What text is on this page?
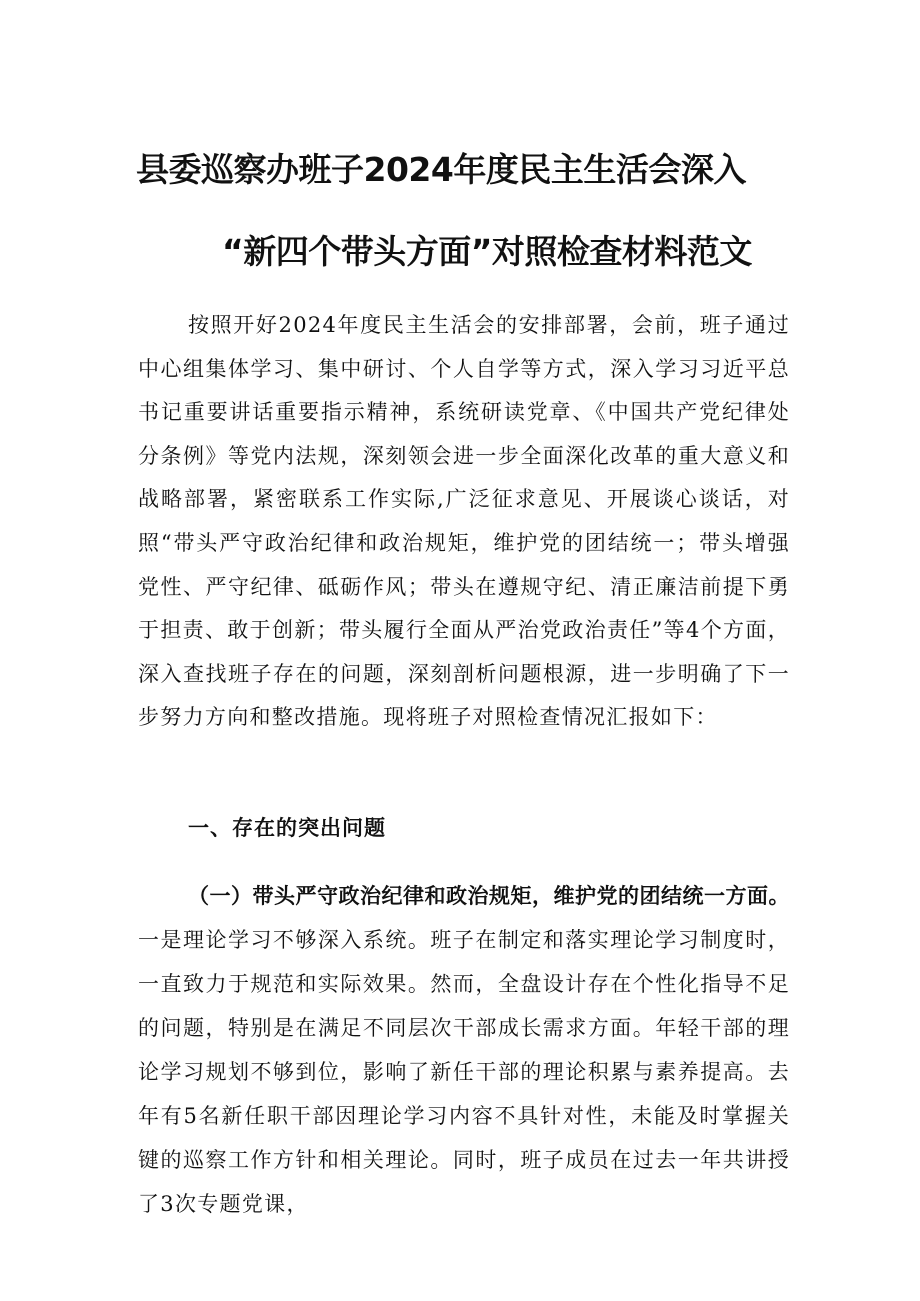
县委巡察办班子2024年度民主生活会深入
“新四个带头方面”对照检查材料范文

按照开好2024年度民主生活会的安排部署，会前，班子通过中心组集体学习、集中研讨、个人自学等方式，深入学习习近平总书记重要讲话重要指示精神，系统研读党章、《中国共产党纪律处分条例》等党内法规，深刻领会进一步全面深化改革的重大意义和战略部署，紧密联系工作实际,广泛征求意见、开展谈心谈话，对照“带头严守政治纪律和政治规矩，维护党的团结统一；带头增强党性、严守纪律、砥砺作风；带头在遵规守纪、清正廉洁前提下勇于担责、敢于创新；带头履行全面从严治党政治责任”等4个方面，深入查找班子存在的问题，深刻剖析问题根源，进一步明确了下一步努力方向和整改措施。现将班子对照检查情况汇报如下：

一、存在的突出问题

（一）带头严守政治纪律和政治规矩，维护党的团结统一方面。一是理论学习不够深入系统。班子在制定和落实理论学习制度时，一直致力于规范和实际效果。然而，全盘设计存在个性化指导不足的问题，特别是在满足不同层次干部成长需求方面。年轻干部的理论学习规划不够到位，影响了新任干部的理论积累与素养提高。去年有5名新任职干部因理论学习内容不具针对性，未能及时掌握关键的巡察工作方针和相关理论。同时，班子成员在过去一年共讲授了3次专题党课，
